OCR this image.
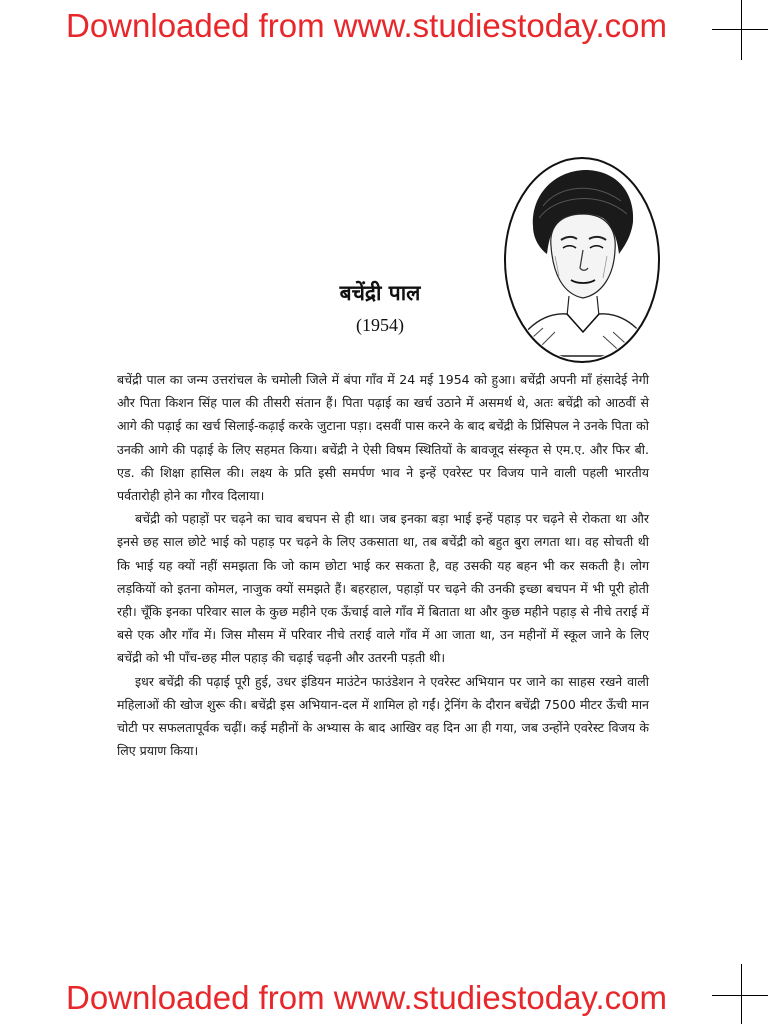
Downloaded from www.studiestoday.com
बचेंद्री पाल
(1954)

बचेंद्री पाल का जन्म उत्तरांचल के चमोली जिले में बंपा गाँव में 24 मई 1954 को हुआ। बचेंद्री अपनी माँ हंसादेई नेगी और पिता किशन सिंह पाल की तीसरी संतान हैं। पिता पढ़ाई का खर्च उठाने में असमर्थ थे, अतः बचेंद्री को आठवीं से आगे की पढ़ाई का खर्च सिलाई-कढ़ाई करके जुटाना पड़ा। दसवीं पास करने के बाद बचेंद्री के प्रिंसिपल ने उनके पिता को उनकी आगे की पढ़ाई के लिए सहमत किया। बचेंद्री ने ऐसी विषम स्थितियों के बावजूद संस्कृत से एम.ए. और फिर बी. एड. की शिक्षा हासिल की। लक्ष्य के प्रति इसी समर्पण भाव ने इन्हें एवरेस्ट पर विजय पाने वाली पहली भारतीय पर्वतारोही होने का गौरव दिलाया।

बचेंद्री को पहाड़ों पर चढ़ने का चाव बचपन से ही था। जब इनका बड़ा भाई इन्हें पहाड़ पर चढ़ने से रोकता था और इनसे छह साल छोटे भाई को पहाड़ पर चढ़ने के लिए उकसाता था, तब बचेंद्री को बहुत बुरा लगता था। वह सोचती थी कि भाई यह क्यों नहीं समझता कि जो काम छोटा भाई कर सकता है, वह उसकी यह बहन भी कर सकती है। लोग लड़कियों को इतना कोमल, नाजुक क्यों समझते हैं। बहरहाल, पहाड़ों पर चढ़ने की उनकी इच्छा बचपन में भी पूरी होती रही। चूँकि इनका परिवार साल के कुछ महीने एक ऊँचाई वाले गाँव में बिताता था और कुछ महीने पहाड़ से नीचे तराई में बसे एक और गाँव में। जिस मौसम में परिवार नीचे तराई वाले गाँव में आ जाता था, उन महीनों में स्कूल जाने के लिए बचेंद्री को भी पाँच-छह मील पहाड़ की चढ़ाई चढ़नी और उतरनी पड़ती थी।

इधर बचेंद्री की पढ़ाई पूरी हुई, उधर इंडियन माउंटेन फाउंडेशन ने एवरेस्ट अभियान पर जाने का साहस रखने वाली महिलाओं की खोज शुरू की। बचेंद्री इस अभियान-दल में शामिल हो गईं। ट्रेनिंग के दौरान बचेंद्री 7500 मीटर ऊँची मान चोटी पर सफलतापूर्वक चढ़ीं। कई महीनों के अभ्यास के बाद आखिर वह दिन आ ही गया, जब उन्होंने एवरेस्ट विजय के लिए प्रयाण किया।

Downloaded from www.studiestoday.com
